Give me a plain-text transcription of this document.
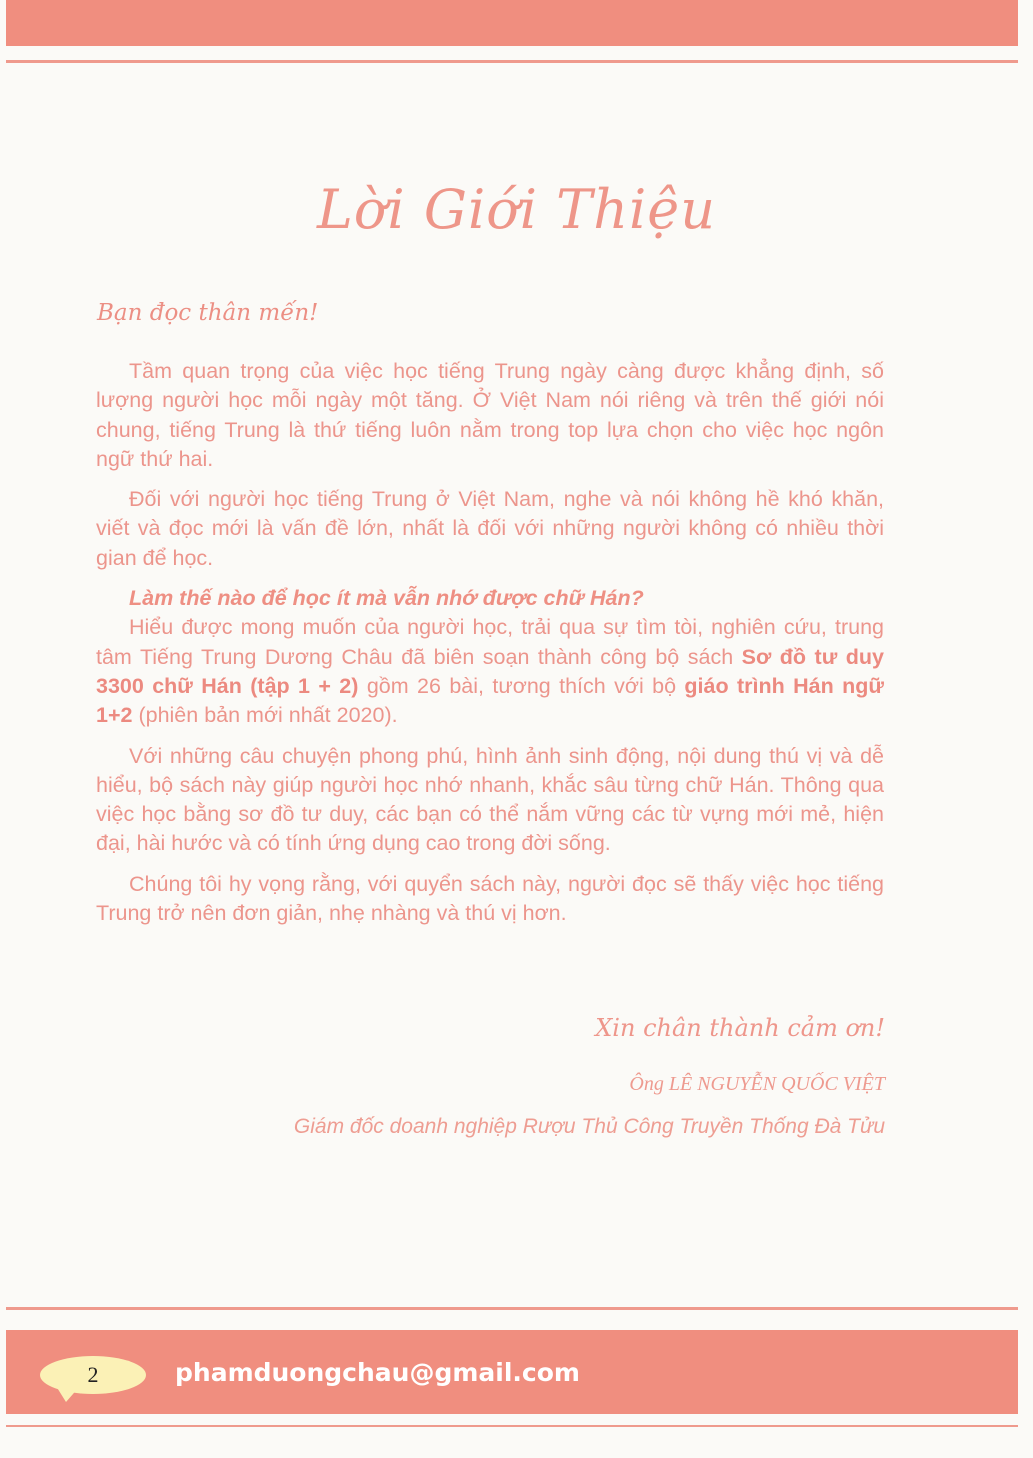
Lời Giới Thiệu
Bạn đọc thân mến!

Tầm quan trọng của việc học tiếng Trung ngày càng được khẳng định, số lượng người học mỗi ngày một tăng. Ở Việt Nam nói riêng và trên thế giới nói chung, tiếng Trung là thứ tiếng luôn nằm trong top lựa chọn cho việc học ngôn ngữ thứ hai.

Đối với người học tiếng Trung ở Việt Nam, nghe và nói không hề khó khăn, viết và đọc mới là vấn đề lớn, nhất là đối với những người không có nhiều thời gian để học.

Làm thế nào để học ít mà vẫn nhớ được chữ Hán?

Hiểu được mong muốn của người học, trải qua sự tìm tòi, nghiên cứu, trung tâm Tiếng Trung Dương Châu đã biên soạn thành công bộ sách Sơ đồ tư duy 3300 chữ Hán (tập 1 + 2) gồm 26 bài, tương thích với bộ giáo trình Hán ngữ 1+2 (phiên bản mới nhất 2020).

Với những câu chuyện phong phú, hình ảnh sinh động, nội dung thú vị và dễ hiểu, bộ sách này giúp người học nhớ nhanh, khắc sâu từng chữ Hán. Thông qua việc học bằng sơ đồ tư duy, các bạn có thể nắm vững các từ vựng mới mẻ, hiện đại, hài hước và có tính ứng dụng cao trong đời sống.

Chúng tôi hy vọng rằng, với quyển sách này, người đọc sẽ thấy việc học tiếng Trung trở nên đơn giản, nhẹ nhàng và thú vị hơn.

Xin chân thành cảm ơn!
Ông LÊ NGUYỄN QUỐC VIỆT
Giám đốc doanh nghiệp Rượu Thủ Công Truyền Thống Đà Tửu
2	phamduongchau@gmail.com
